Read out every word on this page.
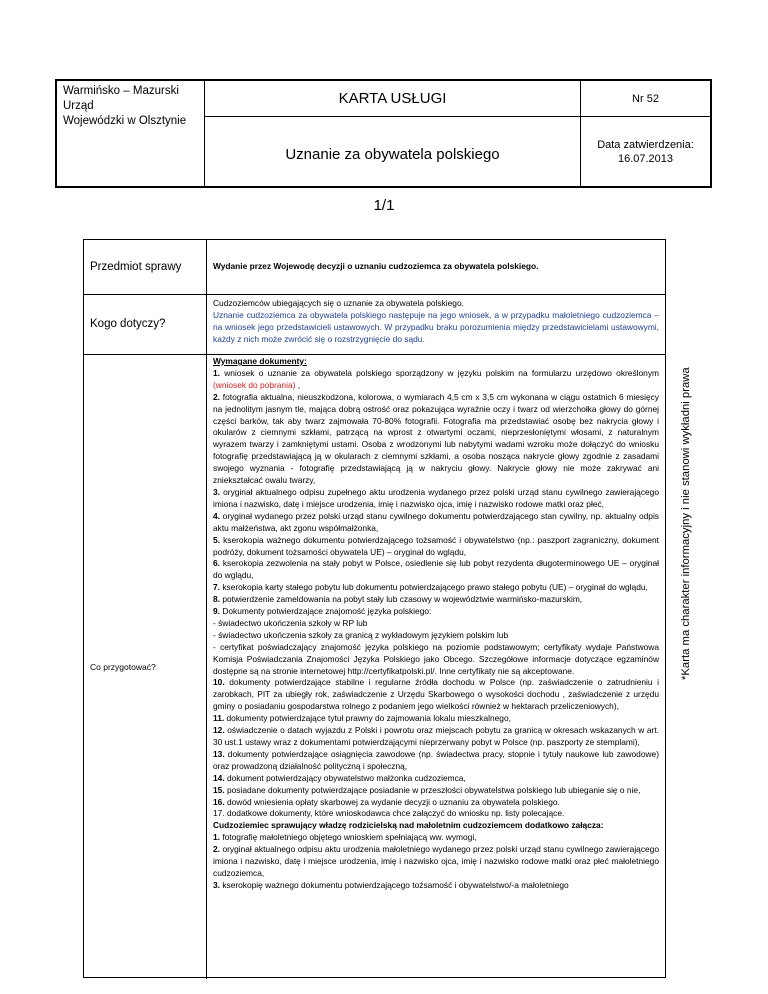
Warmińsko – Mazurski Urząd
Wojewódzki w Olsztynie
KARTA USŁUGI
Uznanie za obywatela polskiego
Nr 52
Data zatwierdzenia:
16.07.2013
1/1
Przedmiot sprawy	Wydanie przez Wojewodę decyzji o uznaniu cudzoziemca za obywatela polskiego.
Kogo dotyczy?

Cudzoziemców ubiegających się o uznanie za obywatela polskiego.

Uznanie cudzoziemca za obywatela polskiego następuje na jego wniosek, a w przypadku małoletniego cudzoziemca – na wniosek jego przedstawicieli ustawowych. W przypadku braku porozumienia między przedstawicielami ustawowymi, każdy z nich może zwrócić się o rozstrzygnięcie do sądu.

Co przygotować?

Wymagane dokumenty:

1. wniosek o uznanie za obywatela polskiego sporządzony w języku polskim na formularzu urzędowo określonym (wniosek do pobrania) ,

2. fotografia aktualna, nieuszkodzona, kolorowa, o wymiarach 4,5 cm x 3,5 cm wykonana w ciągu ostatnich 6 miesięcy na jednolitym jasnym tle, mająca dobrą ostrość oraz pokazująca wyraźnie oczy i twarz od wierzchołka głowy do górnej części barków, tak aby twarz zajmowała 70-80% fotografii. Fotografia ma przedstawiać osobę bez nakrycia głowy i okularów z ciemnymi szkłami, patrzącą na wprost z otwartymi oczami, nieprzesłoniętymi włosami, z naturalnym wyrazem twarzy i zamkniętymi ustami. Osoba z wrodzonymi lub nabytymi wadami wzroku może dołączyć do wniosku fotografię przedstawiającą ją w okularach z ciemnymi szkłami, a osoba nosząca nakrycie głowy zgodnie z zasadami swojego wyznania - fotografię przedstawiającą ją w nakryciu głowy. Nakrycie głowy nie może zakrywać ani zniekształcać owalu twarzy,

3. oryginał aktualnego odpisu zupełnego aktu urodzenia wydanego przez polski urząd stanu cywilnego zawierającego imiona i nazwisko, datę i miejsce urodzenia, imię i nazwisko ojca, imię i nazwisko rodowe matki oraz płeć,

4. oryginał wydanego przez polski urząd stanu cywilnego dokumentu potwierdzającego stan cywilny, np. aktualny odpis aktu małżeństwa, akt zgonu współmałżonka,

5. kserokopia ważnego dokumentu potwierdzającego tożsamość i obywatelstwo (np.: paszport zagraniczny, dokument podróży, dokument tożsamości obywatela UE) – oryginał do wglądu,

6. kserokopia zezwolenia na stały pobyt w Polsce, osiedlenie się lub pobyt rezydenta długoterminowego UE – oryginał do wglądu,

7. kserokopia karty stałego pobytu lub dokumentu potwierdzającego prawo stałego pobytu (UE) – oryginał do wglądu,

8. potwierdzenie zameldowania na pobyt stały lub czasowy w województwie warmińsko-mazurskim,

9. Dokumenty potwierdzające znajomość języka polskiego:

- świadectwo ukończenia szkoły w RP lub

- świadectwo ukończenia szkoły za granicą z wykładowym językiem polskim lub

- certyfikat poświadczający znajomość języka polskiego na poziomie podstawowym; certyfikaty wydaje Państwowa Komisja Poświadczania Znajomości Języka Polskiego jako Obcego. Szczegółowe informacje dotyczące egzaminów dostępne są na stronie internetowej http://certyfikatpolski.pl/. Inne certyfikaty nie są akceptowane.

10. dokumenty potwierdzające stabilne i regularne źródła dochodu w Polsce (np. zaświadczenie o zatrudnieniu i zarobkach, PIT za ubiegły rok, zaświadczenie z Urzędu Skarbowego o wysokości dochodu , zaświadczenie z urzędu gminy o posiadaniu gospodarstwa rolnego z podaniem jego wielkości również w hektarach przeliczeniowych),

11. dokumenty potwierdzające tytuł prawny do zajmowania lokalu mieszkalnego,

12. oświadczenie o datach wyjazdu z Polski i powrotu oraz miejscach pobytu za granicą w okresach wskazanych w art. 30 ust.1 ustawy wraz z dokumentami potwierdzającymi nieprzerwany pobyt w Polsce (np. paszporty ze stemplami),

13. dokumenty potwierdzające osiągnięcia zawodowe (np. świadectwa pracy, stopnie i tytuły naukowe lub zawodowe) oraz prowadzoną działalność polityczną i społeczną,

14. dokument potwierdzający obywatelstwo małżonka cudzoziemca,

15. posiadane dokumenty potwierdzające posiadanie w przeszłości obywatelstwa polskiego lub ubieganie się o nie,

16. dowód wniesienia opłaty skarbowej za wydanie decyzji o uznaniu za obywatela polskiego.

17. dodatkowe dokumenty, które wnioskodawca chce załączyć do wniosku np. listy polecające.

Cudzoziemiec sprawujący władzę rodzicielską nad małoletnim cudzoziemcem dodatkowo załącza:

1. fotografię małoletniego objętego wnioskiem spełniającą ww. wymogi,

2. oryginał aktualnego odpisu aktu urodzenia małoletniego wydanego przez polski urząd stanu cywilnego zawierającego imiona i nazwisko, datę i miejsce urodzenia, imię i nazwisko ojca, imię i nazwisko rodowe matki oraz płeć małoletniego cudzoziemca,

3. kserokopię ważnego dokumentu potwierdzającego tożsamość i obywatelstwo/-a małoletniego

*Karta ma charakter informacyjny i nie stanowi wykładni prawa
